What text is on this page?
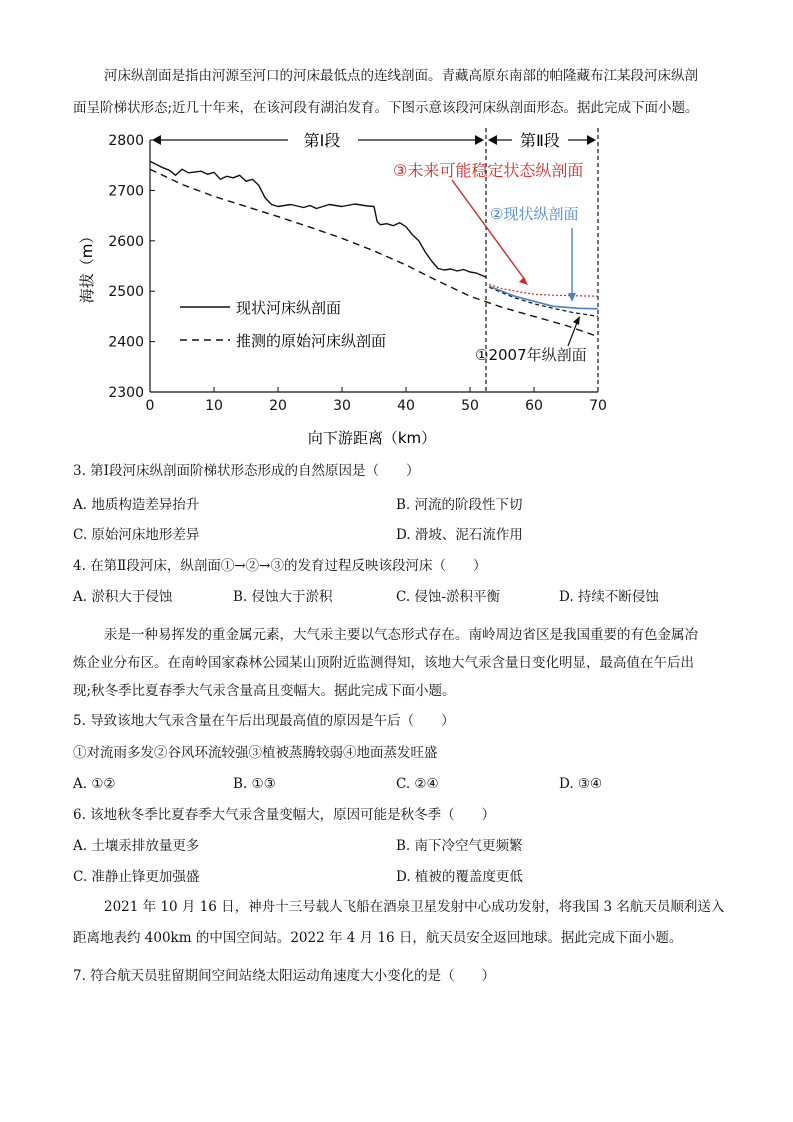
河床纵剖面是指由河源至河口的河床最低点的连线剖面。青藏高原东南部的帕隆藏布江某段河床纵剖
面呈阶梯状形态;近几十年来，在该河段有湖泊发育。下图示意该段河床纵剖面形态。据此完成下面小题。
2300
2400
2500
2600
2700
2800
0	10	20	30	40	50	60	70
第Ⅰ段	第Ⅱ段
③未来可能稳定状态纵剖面
②现状纵剖面
①2007年纵剖面
现状河床纵剖面
推测的原始河床纵剖面
向下游距离（km）
海拔（m）
3. 第Ⅰ段河床纵剖面阶梯状形态形成的自然原因是（　　）
A. 地质构造差异抬升	B. 河流的阶段性下切
C. 原始河床地形差异	D. 滑坡、泥石流作用
4. 在第Ⅱ段河床，纵剖面①→②→③的发育过程反映该段河床（　　）
A. 淤积大于侵蚀	B. 侵蚀大于淤积	C. 侵蚀-淤积平衡	D. 持续不断侵蚀
汞是一种易挥发的重金属元素，大气汞主要以气态形式存在。南岭周边省区是我国重要的有色金属冶
炼企业分布区。在南岭国家森林公园某山顶附近监测得知，该地大气汞含量日变化明显，最高值在午后出
现;秋冬季比夏春季大气汞含量高且变幅大。据此完成下面小题。
5. 导致该地大气汞含量在午后出现最高值的原因是午后（　　）
①对流雨多发②谷风环流较强③植被蒸腾较弱④地面蒸发旺盛
A. ①②	B. ①③	C. ②④	D. ③④
6. 该地秋冬季比夏春季大气汞含量变幅大，原因可能是秋冬季（　　）
A. 土壤汞排放量更多	B. 南下冷空气更频繁
C. 准静止锋更加强盛	D. 植被的覆盖度更低
2021 年 10 月 16 日，神舟十三号载人飞船在酒泉卫星发射中心成功发射，将我国 3 名航天员顺利送入
距离地表约 400km 的中国空间站。2022 年 4 月 16 日，航天员安全返回地球。据此完成下面小题。
7. 符合航天员驻留期间空间站绕太阳运动角速度大小变化的是（　　）
